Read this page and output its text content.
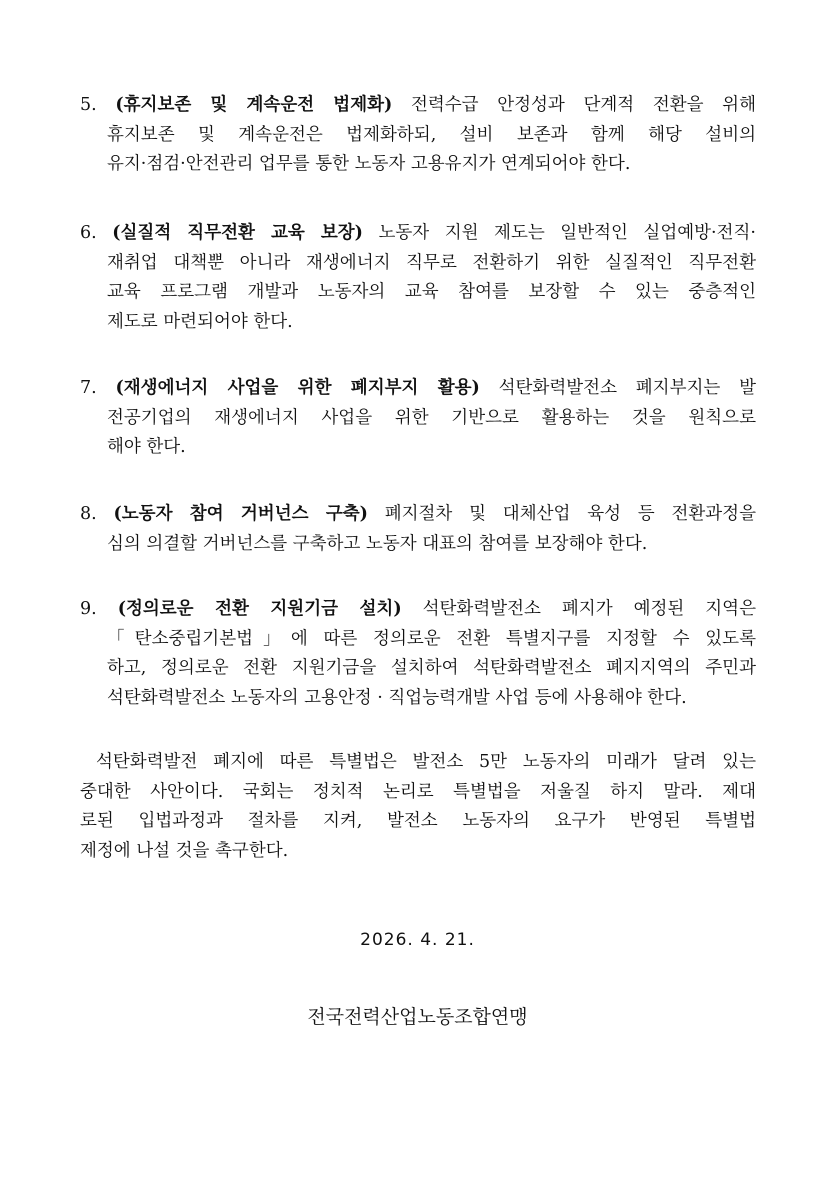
5. (휴지보존 및 계속운전 법제화) 전력수급 안정성과 단계적 전환을 위해
휴지보존 및 계속운전은 법제화하되, 설비 보존과 함께 해당 설비의
유지·점검·안전관리 업무를 통한 노동자 고용유지가 연계되어야 한다.
6. (실질적 직무전환 교육 보장) 노동자 지원 제도는 일반적인 실업예방·전직·
재취업 대책뿐 아니라 재생에너지 직무로 전환하기 위한 실질적인 직무전환
교육 프로그램 개발과 노동자의 교육 참여를 보장할 수 있는 중층적인
제도로 마련되어야 한다.
7. (재생에너지 사업을 위한 폐지부지 활용) 석탄화력발전소 폐지부지는 발
전공기업의 재생에너지 사업을 위한 기반으로 활용하는 것을 원칙으로
해야 한다.
8. (노동자 참여 거버넌스 구축) 폐지절차 및 대체산업 육성 등 전환과정을
심의 의결할 거버넌스를 구축하고 노동자 대표의 참여를 보장해야 한다.
9. (정의로운 전환 지원기금 설치) 석탄화력발전소 폐지가 예정된 지역은
「탄소중립기본법」에 따른 정의로운 전환 특별지구를 지정할 수 있도록
하고, 정의로운 전환 지원기금을 설치하여 석탄화력발전소 폐지지역의 주민과
석탄화력발전소 노동자의 고용안정 · 직업능력개발 사업 등에 사용해야 한다.
석탄화력발전 폐지에 따른 특별법은 발전소 5만 노동자의 미래가 달려 있는
중대한 사안이다. 국회는 정치적 논리로 특별법을 저울질 하지 말라. 제대
로된 입법과정과 절차를 지켜, 발전소 노동자의 요구가 반영된 특별법
제정에 나설 것을 촉구한다.
2026. 4. 21.
전국전력산업노동조합연맹
